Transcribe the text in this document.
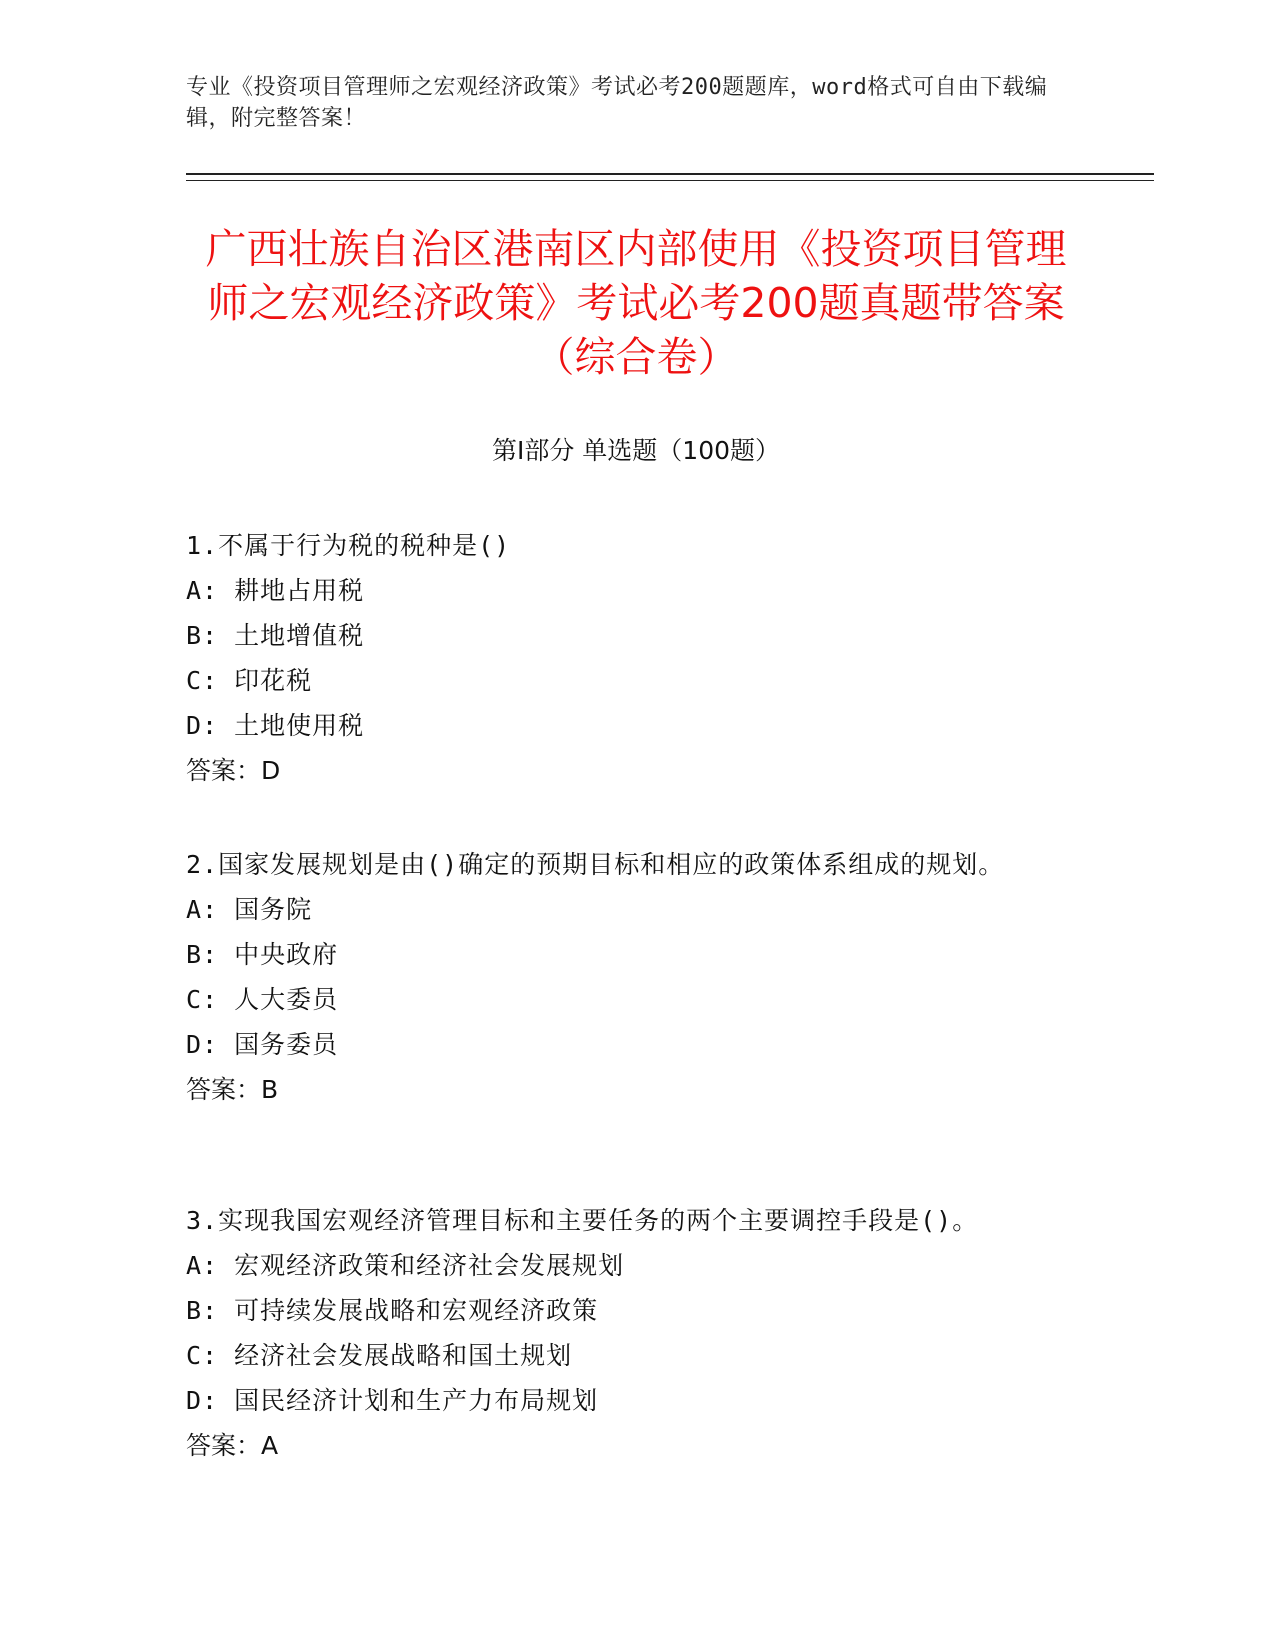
专业《投资项目管理师之宏观经济政策》考试必考200题题库，word格式可自由下载编辑，附完整答案！
广西壮族自治区港南区内部使用《投资项目管理师之宏观经济政策》考试必考200题真题带答案（综合卷）
第Ⅰ部分 单选题（100题）
1.不属于行为税的税种是()
A: 耕地占用税
B: 土地增值税
C: 印花税
D: 土地使用税
答案：D
2.国家发展规划是由()确定的预期目标和相应的政策体系组成的规划。
A: 国务院
B: 中央政府
C: 人大委员
D: 国务委员
答案：B
3.实现我国宏观经济管理目标和主要任务的两个主要调控手段是()。
A: 宏观经济政策和经济社会发展规划
B: 可持续发展战略和宏观经济政策
C: 经济社会发展战略和国土规划
D: 国民经济计划和生产力布局规划
答案：A
